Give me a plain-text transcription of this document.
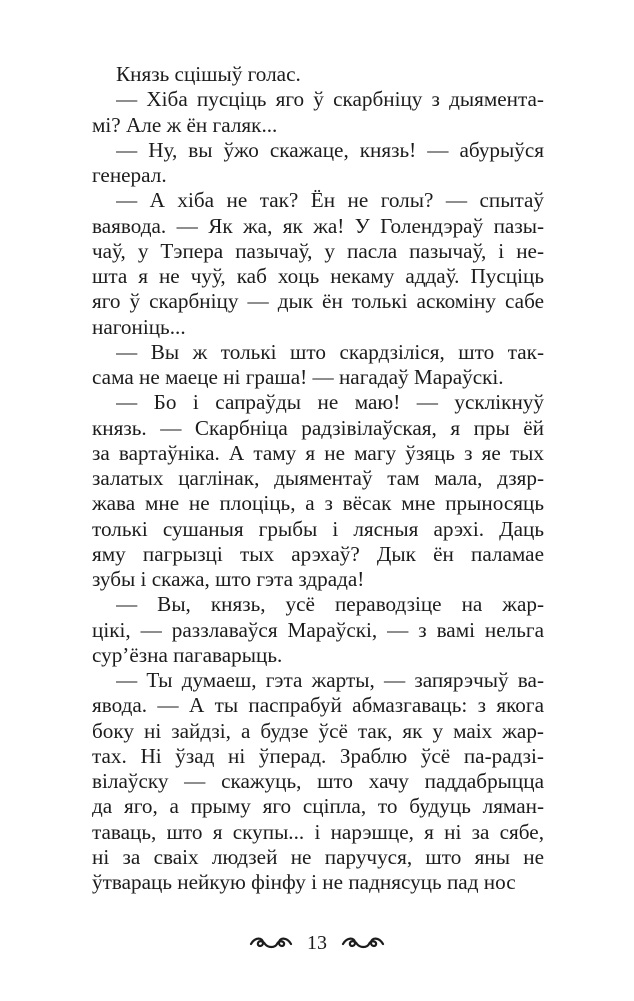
Князь сцішыў голас.
— Хіба пусціць яго ў скарбніцу з дыямента-
мі? Але ж ён галяк...
— Ну, вы ўжо скажаце, князь! — абурыўся
генерал.
— А хіба не так? Ён не голы? — спытаў
ваявода. — Як жа, як жа! У Голендэраў пазы-
чаў, у Тэпера пазычаў, у пасла пазычаў, і не-
шта я не чуў, каб хоць некаму аддаў. Пусціць
яго ў скарбніцу — дык ён толькі аскоміну сабе
нагоніць...
— Вы ж толькі што скардзіліся, што так-
сама не маеце ні граша! — нагадаў Мараўскі.
— Бо і сапраўды не маю! — усклікнуў
князь. — Скарбніца радзівілаўская, я пры ёй
за вартаўніка. А таму я не магу ўзяць з яе тых
залатых цаглінак, дыяментаў там мала, дзяр-
жава мне не плоціць, а з вёсак мне прыносяць
толькі сушаныя грыбы і лясныя арэхі. Даць
яму пагрызці тых арэхаў? Дык ён паламае
зубы і скажа, што гэта здрада!
— Вы, князь, усё пераводзіце на жар-
цікі, — раззлаваўся Мараўскі, — з вамі нельга
сур’ёзна пагаварыць.
— Ты думаеш, гэта жарты, — запярэчыў ва-
явода. — А ты паспрабуй абмазгаваць: з якога
боку ні зайдзі, а будзе ўсё так, як у маіх жар-
тах. Ні ўзад ні ўперад. Зраблю ўсё па-радзі-
вілаўску — скажуць, што хачу паддабрыцца
да яго, а прыму яго сціпла, то будуць ляман-
таваць, што я скупы... і нарэшце, я ні за сябе,
ні за сваіх людзей не паручуся, што яны не
ўтвараць нейкую фінфу і не паднясуць пад нос
13
